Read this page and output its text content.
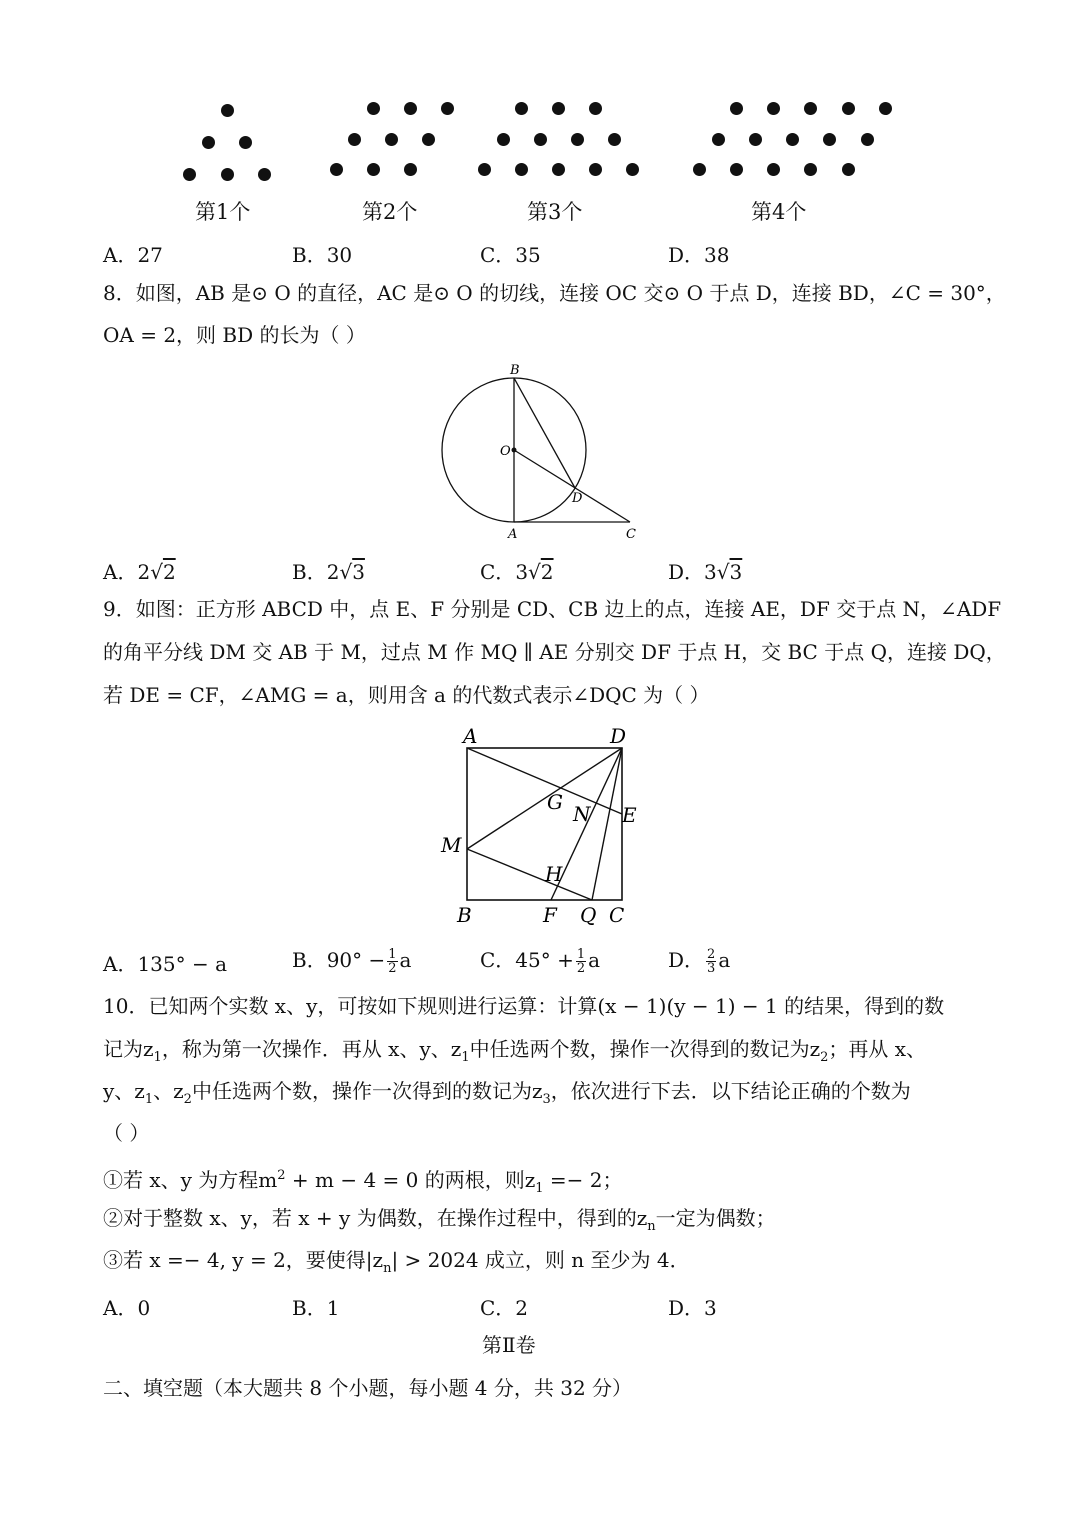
第1个	第2个	第3个	第4个
A．27	B．30	C．35	D．38
8．如图，AB 是⊙ O 的直径，AC 是⊙ O 的切线，连接 OC 交⊙ O 于点 D，连接 BD，∠C = 30°，
OA = 2，则 BD 的长为（ ）
B
O
D
A	C
A．2√2	B．2√3	C．3√2	D．3√3
9．如图：正方形 ABCD 中，点 E、F 分别是 CD、CB 边上的点，连接 AE，DF 交于点 N，∠ADF
的角平分线 DM 交 AB 于 M，过点 M 作 MQ ∥ AE 分别交 DF 于点 H，交 BC 于点 Q，连接 DQ，
若 DE = CF，∠AMG = a，则用含 a 的代数式表示∠DQC 为（ ）
A	D
G N E
M
H
B	F Q C
A．135° − a	B．$90^\circ - \frac{1}{2}$ a	C．$45^\circ + \frac{1}{2}$ a	D． $\frac{2}{3}$ a
10．已知两个实数 x、y，可按如下规则进行运算：计算(x − 1)(y − 1) − 1 的结果，得到的数
记为$z_1$，称为第一次操作．再从 x、y、$z_1$中任选两个数，操作一次得到的数记为$z_2$；再从 x、
y、$z_1$、$z_2$中任选两个数，操作一次得到的数记为$z_3$，依次进行下去．以下结论正确的个数为
（ ）
①若 x、y 为方程$m^2 + m - 4 = 0$ 的两根，则$z_1 =- 2$；
②对于整数 x、y，若 x + y 为偶数，在操作过程中，得到的$z_n$一定为偶数；
③若 x =− 4, y = 2，要使得$|z_n| > 2024$ 成立，则 n 至少为 4．
A．0	B．1	C．2	D．3
第Ⅱ卷
二、填空题（本大题共 8 个小题，每小题 4 分，共 32 分）
